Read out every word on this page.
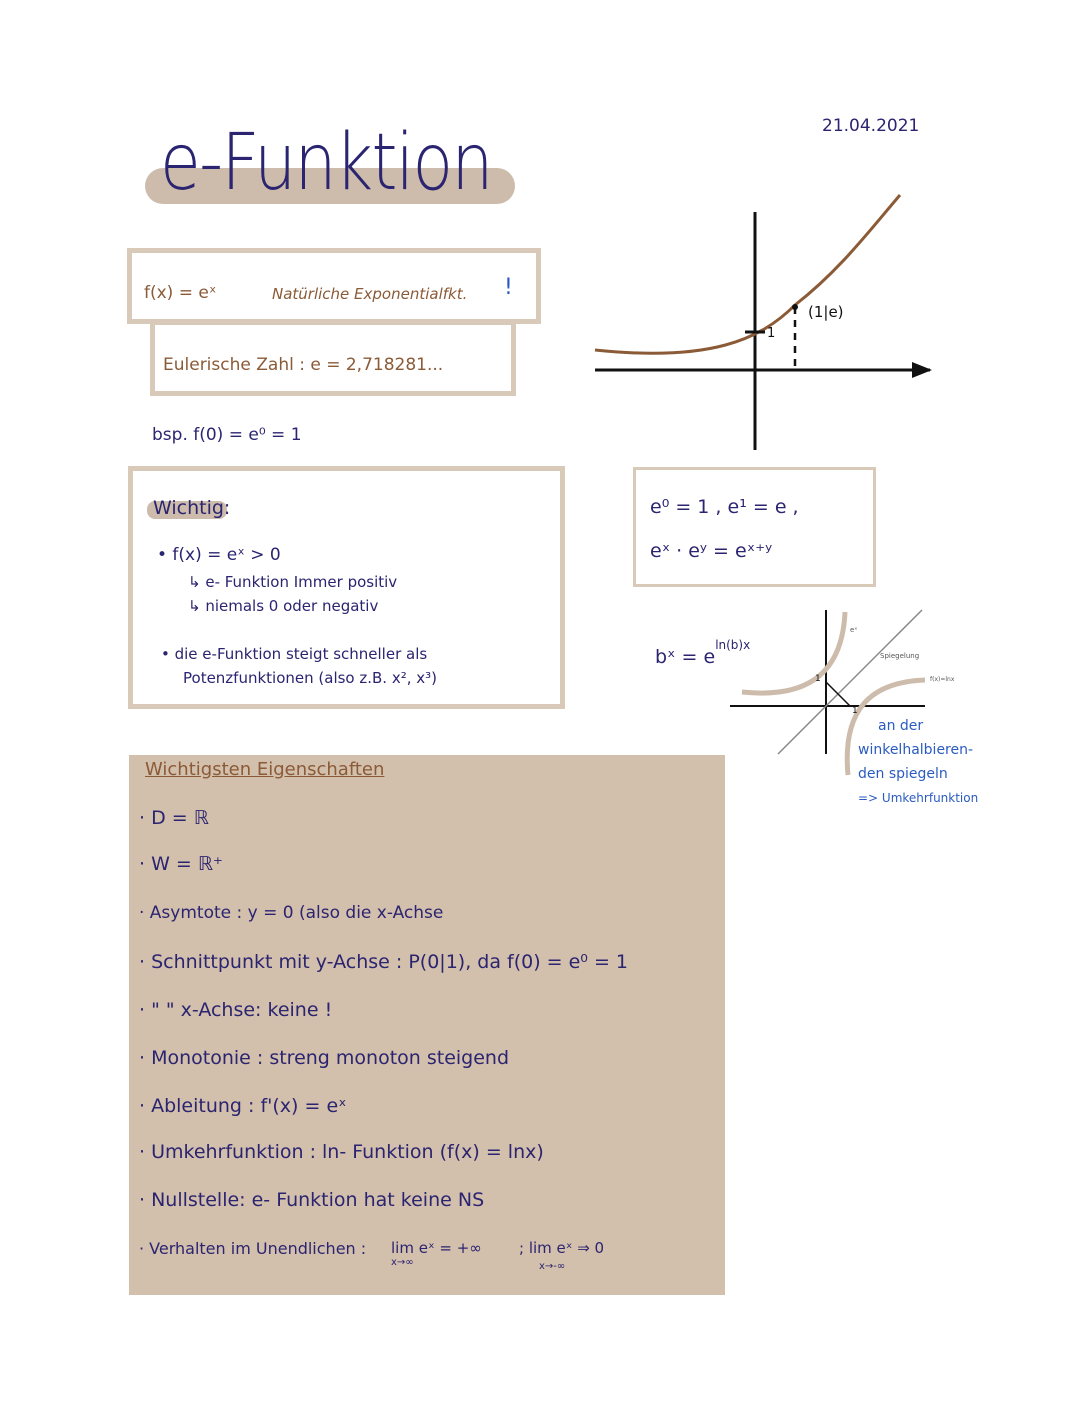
21.04.2021
e-Funktion
f(x) = eˣ	Natürliche Exponentialfkt. !
Eulerische Zahl : e = 2,718281...
bsp. f(0) = e⁰ = 1
(1|e)
1
Wichtig:
• f(x) = eˣ > 0
↳ e- Funktion Immer positiv
↳ niemals 0 oder negativ
• die e-Funktion steigt schneller als
Potenzfunktionen (also z.B. x², x³)
e⁰ = 1 , e¹ = e ,
eˣ · eʸ = eˣ⁺ʸ
bˣ = $e^{ln(b)x}$
eˣ
Spiegelung
f(x)=lnx
1
1
an der
winkelhalbieren-
den spiegeln
=> Umkehrfunktion
Wichtigsten Eigenschaften
· D = ℝ
· W = ℝ⁺
· Asymtote : y = 0 (also die x-Achse
· Schnittpunkt mit y-Achse : P(0|1), da f(0) = e⁰ = 1
· " " x-Achse: keine !
· Monotonie : streng monoton steigend
· Ableitung : f'(x) = eˣ
· Umkehrfunktion : ln- Funktion (f(x) = lnx)
· Nullstelle: e- Funktion hat keine NS
· Verhalten im Unendlichen : lim eˣ = +∞
x→∞
; lim eˣ ⇒ 0
x→-∞
